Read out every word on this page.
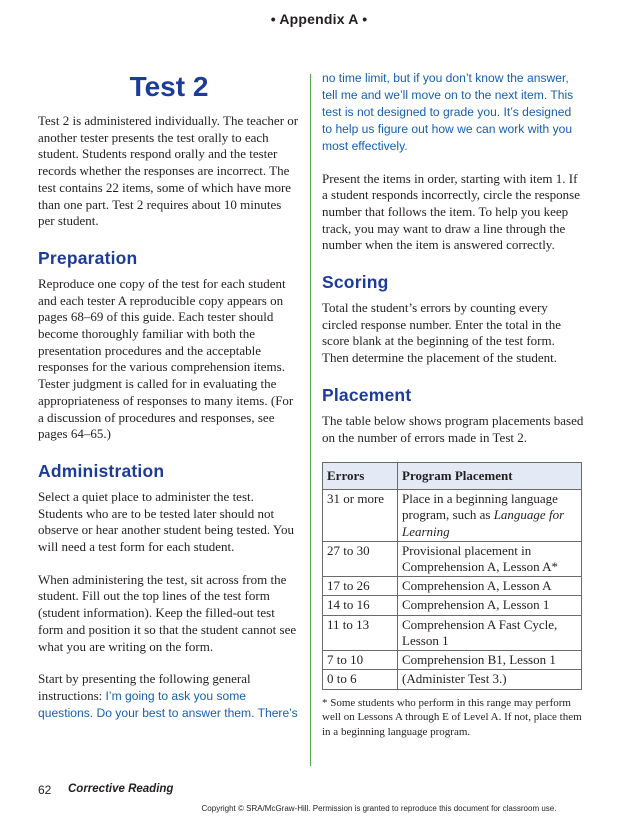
• Appendix A •
Test 2

Test 2 is administered individually. The teacher or another tester presents the test orally to each student. Students respond orally and the tester records whether the responses are incorrect. The test contains 22 items, some of which have more than one part. Test 2 requires about 10 minutes per student.

Preparation

Reproduce one copy of the test for each student and each tester A reproducible copy appears on pages 68–69 of this guide. Each tester should become thoroughly familiar with both the presentation procedures and the acceptable responses for the various comprehension items. Tester judgment is called for in evaluating the appropriateness of responses to many items. (For a discussion of procedures and responses, see pages 64–65.)

Administration

Select a quiet place to administer the test. Students who are to be tested later should not observe or hear another student being tested. You will need a test form for each student.

When administering the test, sit across from the student. Fill out the top lines of the test form (student information). Keep the filled-out test form and position it so that the student cannot see what you are writing on the form.

Start by presenting the following general instructions: I’m going to ask you some questions. Do your best to answer them. There’s

no time limit, but if you don’t know the answer, tell me and we’ll move on to the next item. This test is not designed to grade you. It’s designed to help us figure out how we can work with you most effectively.

Present the items in order, starting with item 1. If a student responds incorrectly, circle the response number that follows the item. To help you keep track, you may want to draw a line through the number when the item is answered correctly.

Scoring

Total the student’s errors by counting every circled response number. Enter the total in the score blank at the beginning of the test form. Then determine the placement of the student.

Placement

The table below shows program placements based on the number of errors made in Test 2.

Errors	Program Placement
31 or more	Place in a beginning language program, such as Language for Learning
27 to 30	Provisional placement in Comprehension A, Lesson A*
17 to 26	Comprehension A, Lesson A
14 to 16	Comprehension A, Lesson 1
11 to 13	Comprehension A Fast Cycle, Lesson 1
7 to 10	Comprehension B1, Lesson 1
0 to 6	(Administer Test 3.)

* Some students who perform in this range may perform well on Lessons A through E of Level A. If not, place them in a beginning language program.

62 Corrective Reading
Copyright © SRA/McGraw-Hill. Permission is granted to reproduce this document for classroom use.
